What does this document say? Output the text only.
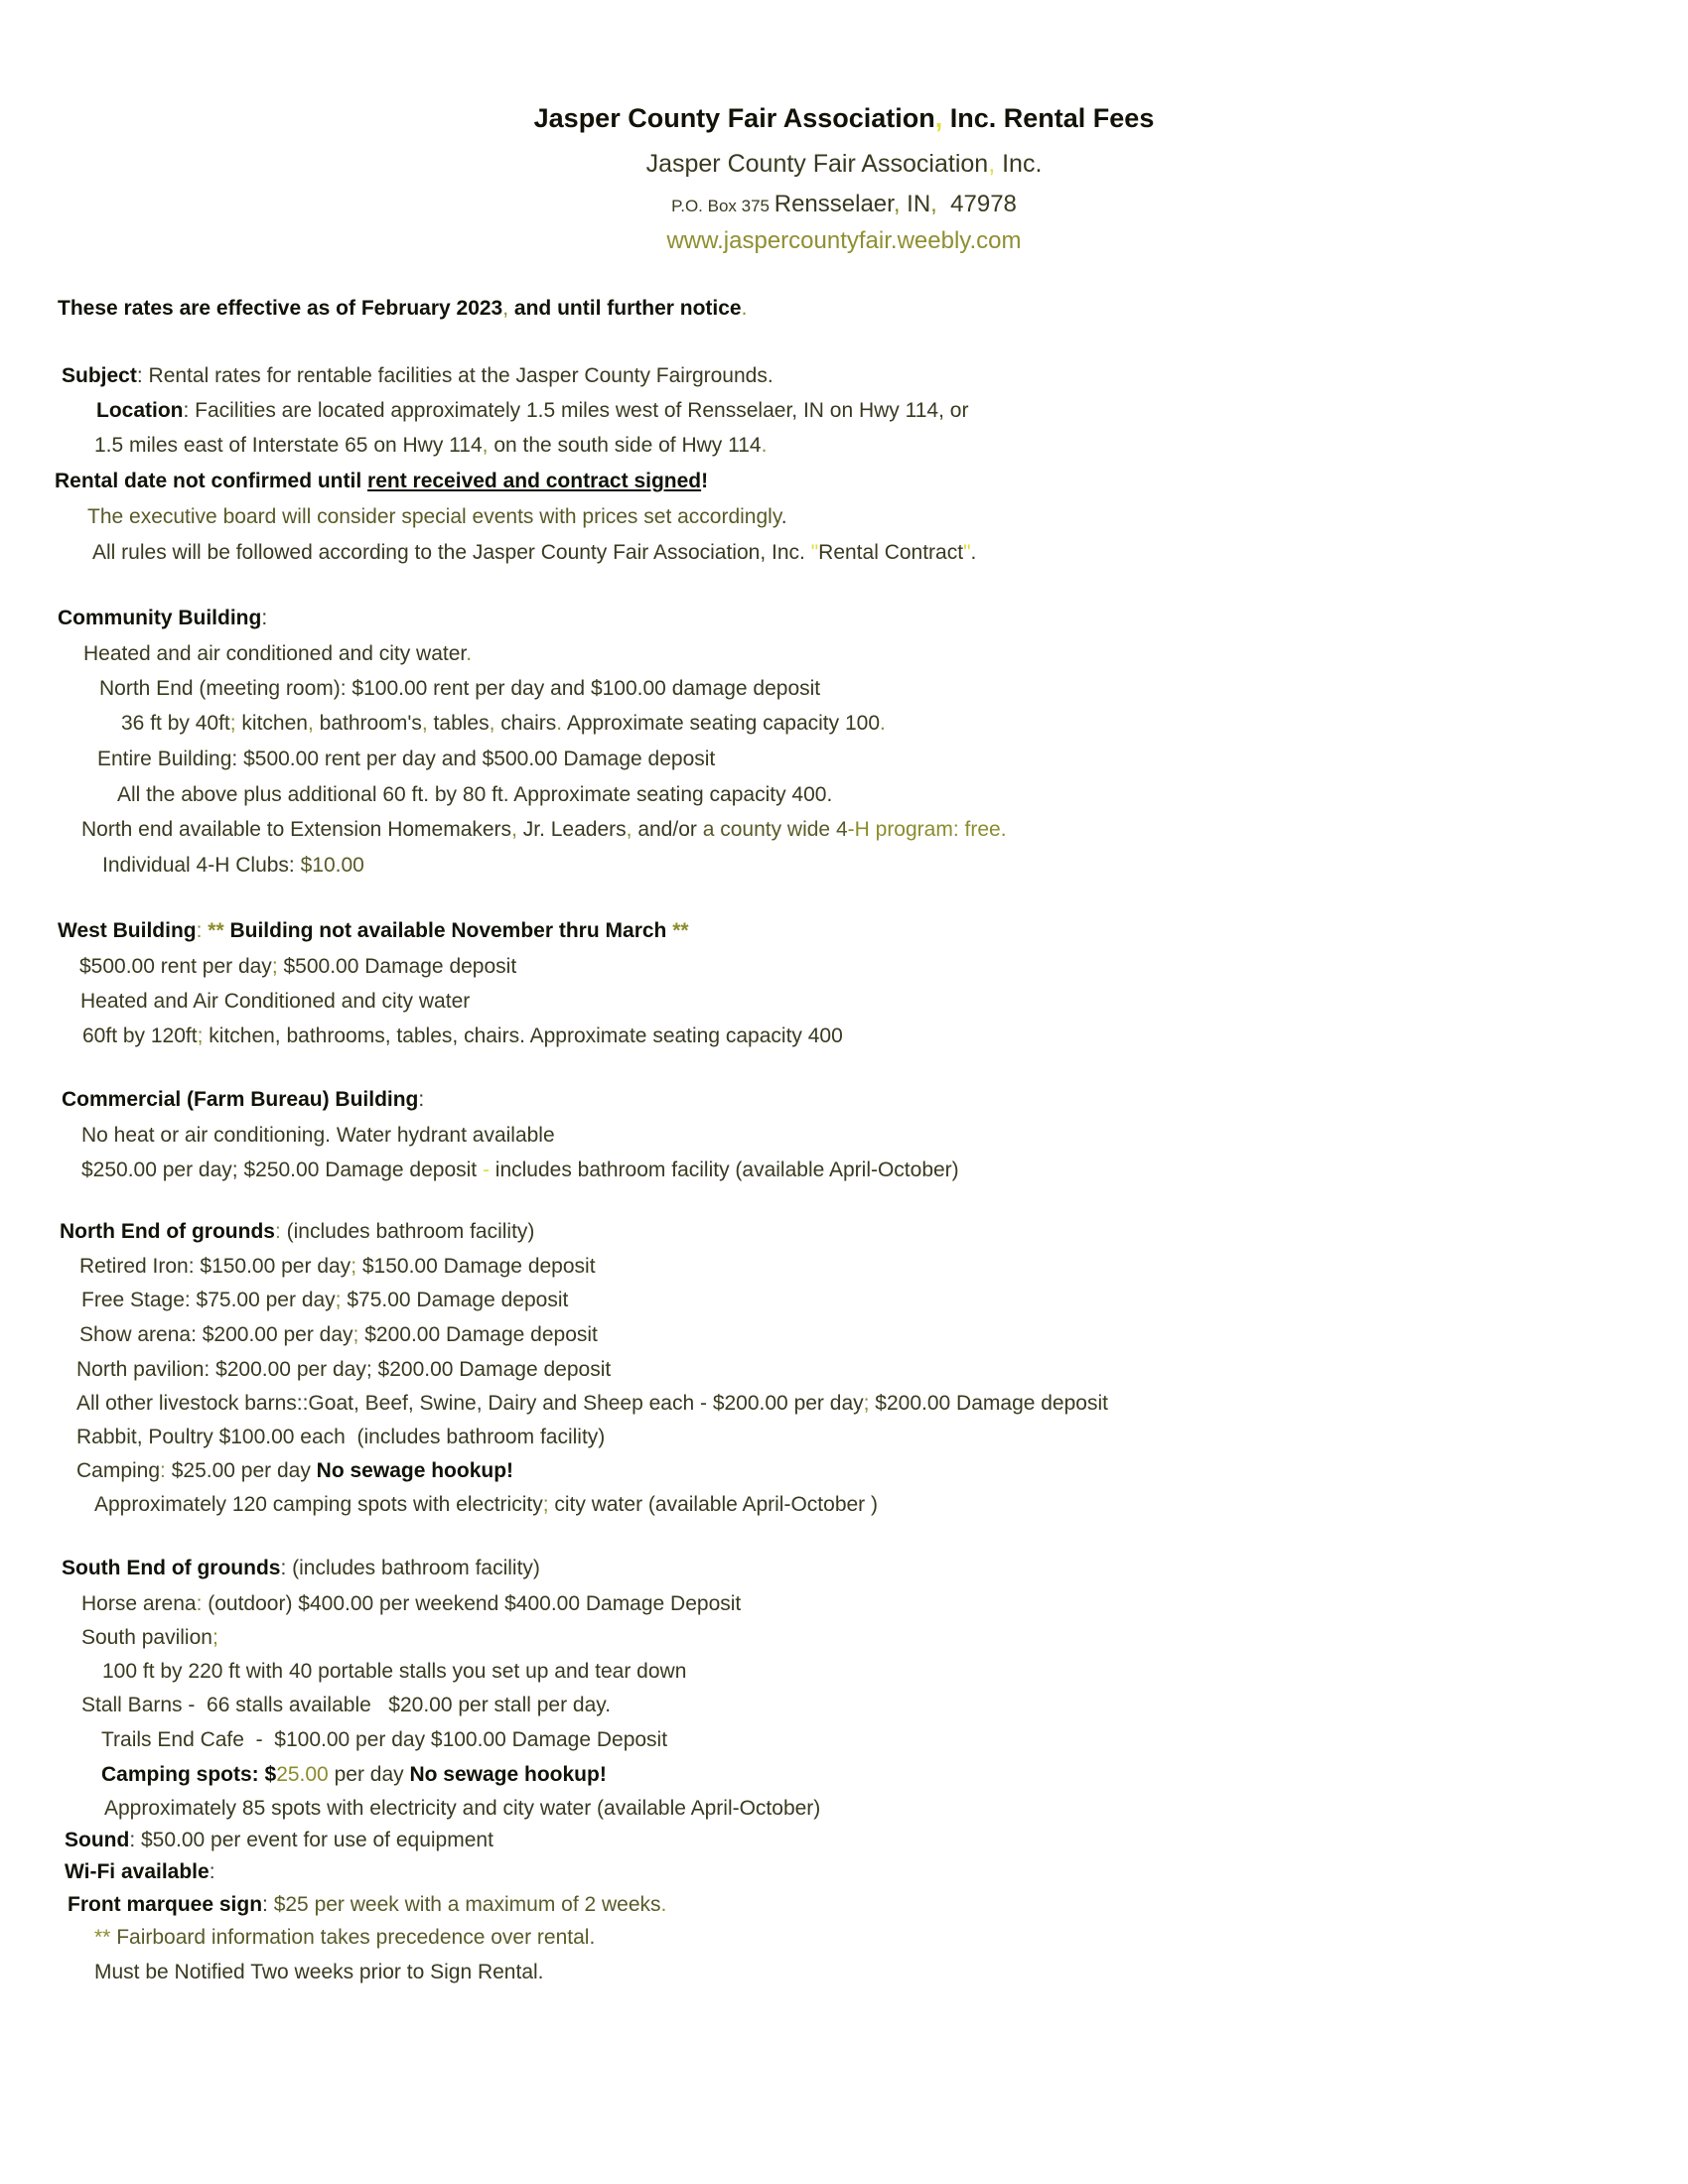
Jasper County Fair Association, Inc. Rental Fees
Jasper County Fair Association, Inc.
P.O. Box 375 Rensselaer, IN,  47978
www.jaspercountyfair.weebly.com
These rates are effective as of February 2023, and until further notice.
Subject: Rental rates for rentable facilities at the Jasper County Fairgrounds.
Location: Facilities are located approximately 1.5 miles west of Rensselaer, IN on Hwy 114, or
1.5 miles east of Interstate 65 on Hwy 114, on the south side of Hwy 114.
Rental date not confirmed until rent received and contract signed!
The executive board will consider special events with prices set accordingly.
All rules will be followed according to the Jasper County Fair Association, Inc. "Rental Contract".
Community Building:
Heated and air conditioned and city water.
North End (meeting room): $100.00 rent per day and $100.00 damage deposit
36 ft by 40ft; kitchen, bathroom's, tables, chairs. Approximate seating capacity 100.
Entire Building: $500.00 rent per day and $500.00 Damage deposit
All the above plus additional 60 ft. by 80 ft. Approximate seating capacity 400.
North end available to Extension Homemakers, Jr. Leaders, and/or a county wide 4-H program: free.
Individual 4-H Clubs: $10.00
West Building: ** Building not available November thru March **
$500.00 rent per day; $500.00 Damage deposit
Heated and Air Conditioned and city water
60ft by 120ft; kitchen, bathrooms, tables, chairs. Approximate seating capacity 400
Commercial (Farm Bureau) Building:
No heat or air conditioning. Water hydrant available
$250.00 per day; $250.00 Damage deposit - includes bathroom facility (available April-October)
North End of grounds: (includes bathroom facility)
Retired Iron: $150.00 per day; $150.00 Damage deposit
Free Stage: $75.00 per day; $75.00 Damage deposit
Show arena: $200.00 per day; $200.00 Damage deposit
North pavilion: $200.00 per day; $200.00 Damage deposit
All other livestock barns::Goat, Beef, Swine, Dairy and Sheep each - $200.00 per day; $200.00 Damage deposit
Rabbit, Poultry $100.00 each  (includes bathroom facility)
Camping: $25.00 per day No sewage hookup!
Approximately 120 camping spots with electricity; city water (available April-October )
South End of grounds: (includes bathroom facility)
Horse arena: (outdoor) $400.00 per weekend $400.00 Damage Deposit
South pavilion;
100 ft by 220 ft with 40 portable stalls you set up and tear down
Stall Barns -  66 stalls available   $20.00 per stall per day.
Trails End Cafe  -  $100.00 per day $100.00 Damage Deposit
Camping spots: $25.00 per day No sewage hookup!
Approximately 85 spots with electricity and city water (available April-October)
Sound: $50.00 per event for use of equipment
Wi-Fi available:
Front marquee sign: $25 per week with a maximum of 2 weeks.
** Fairboard information takes precedence over rental.
Must be Notified Two weeks prior to Sign Rental.
